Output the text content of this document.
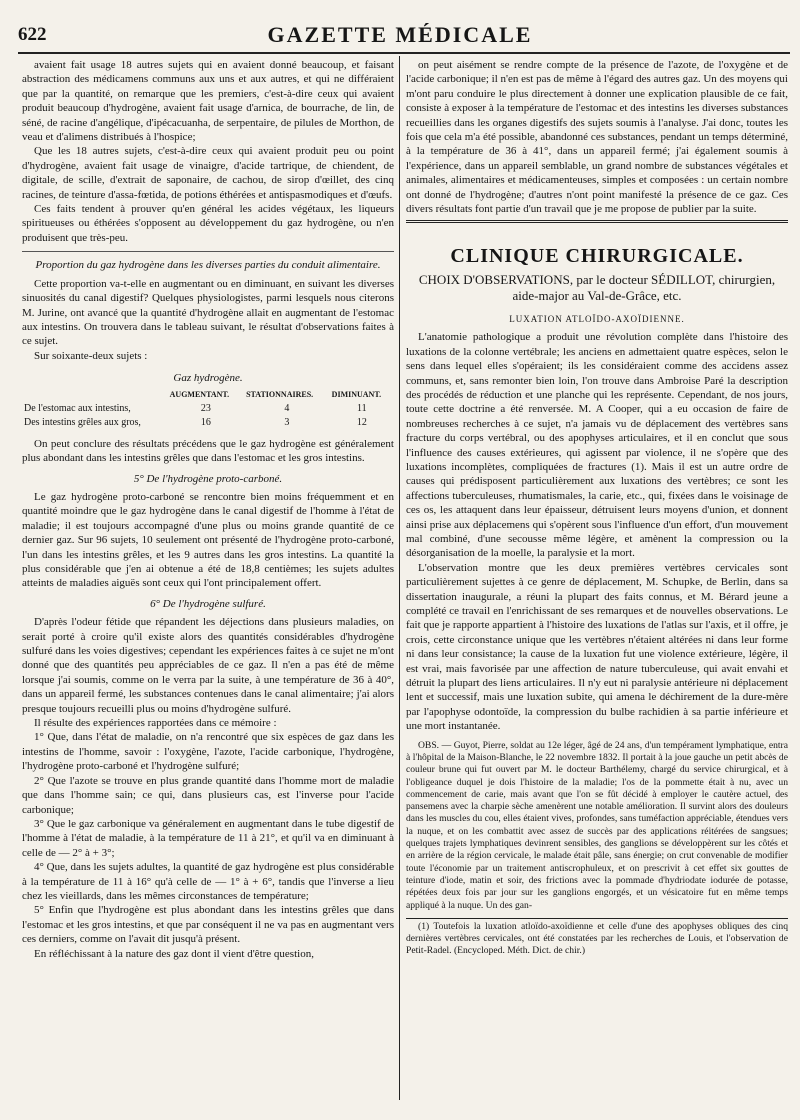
622	GAZETTE MÉDICALE

avaient fait usage 18 autres sujets qui en avaient donné beaucoup, et faisant abstraction des médicamens communs aux uns et aux autres, et qui ne différaient que par la quantité, on remarque que les premiers, c'est-à-dire ceux qui avaient produit beaucoup d'hydrogène, avaient fait usage d'arnica, de bourrache, de lin, de séné, de racine d'angélique, d'ipécacuanha, de serpentaire, de pilules de Morthon, de veau et d'alimens distribués à l'hospice;

Que les 18 autres sujets, c'est-à-dire ceux qui avaient produit peu ou point d'hydrogène, avaient fait usage de vinaigre, d'acide tartrique, de chiendent, de digitale, de scille, d'extrait de saponaire, de cachou, de sirop d'œillet, des cinq racines, de teinture d'assa-fœtida, de potions éthérées et antispasmodiques et d'œufs.

Ces faits tendent à prouver qu'en général les acides végétaux, les liqueurs spiritueuses ou éthérées s'opposent au développement du gaz hydrogène, ou n'en produisent que très-peu.

Proportion du gaz hydrogène dans les diverses parties du conduit alimentaire.

Cette proportion va-t-elle en augmentant ou en diminuant, en suivant les diverses sinuosités du canal digestif? Quelques physiologistes, parmi lesquels nous citerons M. Jurine, ont avancé que la quantité d'hydrogène allait en augmentant de l'estomac aux intestins. On trouvera dans le tableau suivant, le résultat d'observations faites à ce sujet.

Sur soixante-deux sujets :

Gaz hydrogène.

	AUGMENTANT.	STATIONNAIRES.	DIMINUANT.
De l'estomac aux intestins,	23	4	11
Des intestins grêles aux gros,	16	3	12

On peut conclure des résultats précédens que le gaz hydrogène est généralement plus abondant dans les intestins grêles que dans l'estomac et les gros intestins.

5° De l'hydrogène proto-carboné.

Le gaz hydrogène proto-carboné se rencontre bien moins fréquemment et en quantité moindre que le gaz hydrogène dans le canal digestif de l'homme à l'état de maladie; il est toujours accompagné d'une plus ou moins grande quantité de ce dernier gaz. Sur 96 sujets, 10 seulement ont présenté de l'hydrogène proto-carboné, l'un dans les intestins grêles, et les 9 autres dans les gros intestins. La quantité la plus considérable que j'en ai obtenue a été de 18,8 centièmes; les sujets adultes atteints de maladies aiguës sont ceux qui l'ont principalement offert.

6° De l'hydrogène sulfuré.

D'après l'odeur fétide que répandent les déjections dans plusieurs maladies, on serait porté à croire qu'il existe alors des quantités considérables d'hydrogène sulfuré dans les voies digestives; cependant les expériences faites à ce sujet ne m'ont donné que des quantités peu appréciables de ce gaz. Il n'en a pas été de même lorsque j'ai soumis, comme on le verra par la suite, à une température de 36 à 40°, dans un appareil fermé, les substances contenues dans le canal alimentaire; j'ai alors presque toujours recueilli plus ou moins d'hydrogène sulfuré.

Il résulte des expériences rapportées dans ce mémoire :

1° Que, dans l'état de maladie, on n'a rencontré que six espèces de gaz dans les intestins de l'homme, savoir : l'oxygène, l'azote, l'acide carbonique, l'hydrogène, l'hydrogène proto-carboné et l'hydrogène sulfuré;

2° Que l'azote se trouve en plus grande quantité dans l'homme mort de maladie que dans l'homme sain; ce qui, dans plusieurs cas, est l'inverse pour l'acide carbonique;

3° Que le gaz carbonique va généralement en augmentant dans le tube digestif de l'homme à l'état de maladie, à la température de 11 à 21°, et qu'il va en diminuant à celle de — 2° à + 3°;

4° Que, dans les sujets adultes, la quantité de gaz hydrogène est plus considérable à la température de 11 à 16° qu'à celle de — 1° à + 6°, tandis que l'inverse a lieu chez les vieillards, dans les mêmes circonstances de température;

5° Enfin que l'hydrogène est plus abondant dans les intestins grêles que dans l'estomac et les gros intestins, et que par conséquent il ne va pas en augmentant vers ces derniers, comme on l'avait dit jusqu'à présent.

En réfléchissant à la nature des gaz dont il vient d'être question,

on peut aisément se rendre compte de la présence de l'azote, de l'oxygène et de l'acide carbonique; il n'en est pas de même à l'égard des autres gaz. Un des moyens qui m'ont paru conduire le plus directement à donner une explication plausible de ce fait, consiste à exposer à la température de l'estomac et des intestins les diverses substances recueillies dans les organes digestifs des sujets soumis à l'analyse. J'ai donc, toutes les fois que cela m'a été possible, abandonné ces substances, pendant un temps déterminé, à la température de 36 à 41°, dans un appareil fermé; j'ai également soumis à l'expérience, dans un appareil semblable, un grand nombre de substances végétales et animales, alimentaires et médicamenteuses, simples et composées : un certain nombre ont donné de l'hydrogène; d'autres n'ont point manifesté la présence de ce gaz. Ces divers résultats font partie d'un travail que je me propose de publier par la suite.

CLINIQUE CHIRURGICALE.

CHOIX D'OBSERVATIONS, par le docteur SÉDILLOT, chirurgien, aide-major au Val-de-Grâce, etc.

LUXATION ATLOÏDO-AXOÏDIENNE.

L'anatomie pathologique a produit une révolution complète dans l'histoire des luxations de la colonne vertébrale; les anciens en admettaient quatre espèces, selon le sens dans lequel elles s'opéraient; ils les considéraient comme des accidens assez communs, et, sans remonter bien loin, l'on trouve dans Ambroise Paré la description des procédés de réduction et une planche qui les représente. Cependant, de nos jours, toute cette doctrine a été renversée. M. A Cooper, qui a eu occasion de faire de nombreuses recherches à ce sujet, n'a jamais vu de déplacement des vertèbres sans fracture du corps vertébral, ou des apophyses articulaires, et il en conclut que sous l'influence des causes extérieures, qui agissent par violence, il ne s'opère que des luxations incomplètes, compliquées de fractures (1). Mais il est un autre ordre de causes qui prédisposent particulièrement aux luxations des vertèbres; ce sont les affections tuberculeuses, rhumatismales, la carie, etc., qui, fixées dans le voisinage de ces os, les attaquent dans leur épaisseur, détruisent leurs moyens d'union, et donnent ainsi prise aux déplacemens qui s'opèrent sous l'influence d'un effort, d'un mouvement mal combiné, d'une secousse même légère, et amènent la compression ou la désorganisation de la moelle, la paralysie et la mort.

L'observation montre que les deux premières vertèbres cervicales sont particulièrement sujettes à ce genre de déplacement, M. Schupke, de Berlin, dans sa dissertation inaugurale, a réuni la plupart des faits connus, et M. Bérard jeune a complété ce travail en l'enrichissant de ses remarques et de nouvelles observations. Le fait que je rapporte appartient à l'histoire des luxations de l'atlas sur l'axis, et il offre, je crois, cette circonstance unique que les vertèbres n'étaient altérées ni dans leur forme ni dans leur consistance; la cause de la luxation fut une violence extérieure, légère, il est vrai, mais favorisée par une affection de nature tuberculeuse, qui avait envahi et détruit la plupart des liens articulaires. Il n'y eut ni paralysie antérieure ni déplacement lent et successif, mais une luxation subite, qui amena le déchirement de la dure-mère par l'apophyse odontoïde, la compression du bulbe rachidien à sa partie inférieure et une mort instantanée.

OBS. — Guyot, Pierre, soldat au 12e léger, âgé de 24 ans, d'un tempérament lymphatique, entra à l'hôpital de la Maison-Blanche, le 22 novembre 1832. Il portait à la joue gauche un petit abcès de couleur brune qui fut ouvert par M. le docteur Barthélemy, chargé du service chirurgical, et à l'obligeance duquel je dois l'histoire de la maladie; l'os de la pommette était à nu, avec un commencement de carie, mais avant que l'on se fût décidé à employer le cautère actuel, des pansemens avec la charpie sèche amenèrent une notable amélioration. Il survint alors des douleurs dans les muscles du cou, elles étaient vives, profondes, sans tuméfaction appréciable, étendues vers la nuque, et on les combattit avec assez de succès par des applications réitérées de sangsues; quelques trajets lymphatiques devinrent sensibles, des ganglions se développèrent sur les côtés et en arrière de la région cervicale, le malade était pâle, sans énergie; on crut convenable de modifier toute l'économie par un traitement antiscrophuleux, et on prescrivit à cet effet six gouttes de teinture d'iode, matin et soir, des frictions avec la pommade d'hydriodate iodurée de potasse, répétées deux fois par jour sur les ganglions engorgés, et un vésicatoire fut en même temps appliqué à la nuque. Un des gan-

(1) Toutefois la luxation atloïdo-axoïdienne et celle d'une des apophyses obliques des cinq dernières vertèbres cervicales, ont été constatées par les recherches de Louis, et l'observation de Petit-Radel. (Encycloped. Méth. Dict. de chir.)
